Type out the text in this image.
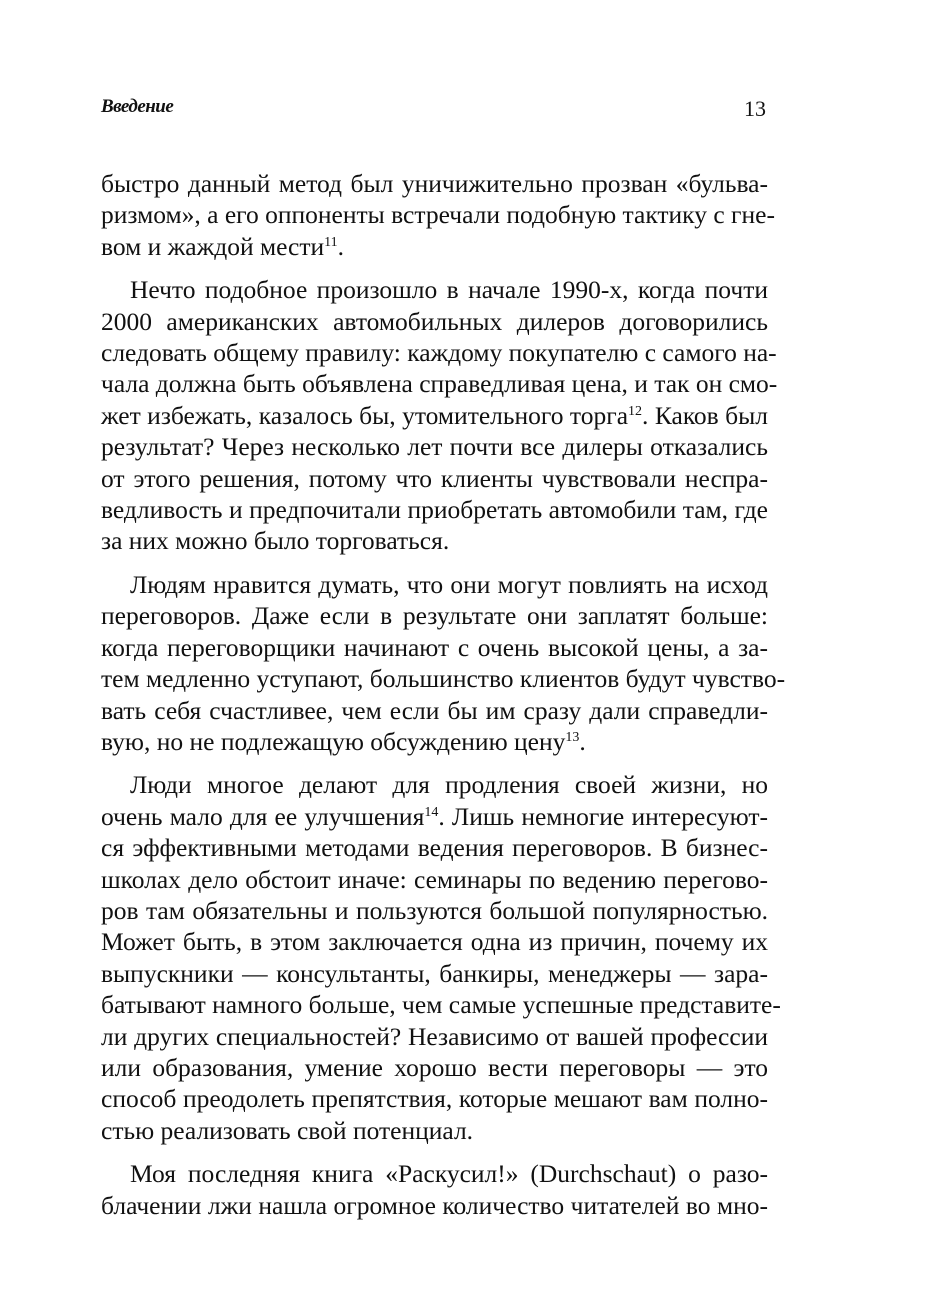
Введение	13
быстро данный метод был уничижительно прозван «бульва-
ризмом», а его оппоненты встречали подобную тактику с гне-
вом и жаждой мести$^{11}$.
Нечто подобное произошло в начале 1990-х, когда почти
2000 американских автомобильных дилеров договорились
следовать общему правилу: каждому покупателю с самого на-
чала должна быть объявлена справедливая цена, и так он смо-
жет избежать, казалось бы, утомительного торга$^{12}$. Каков был
результат? Через несколько лет почти все дилеры отказались
от этого решения, потому что клиенты чувствовали неспра-
ведливость и предпочитали приобретать автомобили там, где
за них можно было торговаться.
Людям нравится думать, что они могут повлиять на исход
переговоров. Даже если в результате они заплатят больше:
когда переговорщики начинают с очень высокой цены, а за-
тем медленно уступают, большинство клиентов будут чувство-
вать себя счастливее, чем если бы им сразу дали справедли-
вую, но не подлежащую обсуждению цену$^{13}$.
Люди многое делают для продления своей жизни, но
очень мало для ее улучшения$^{14}$. Лишь немногие интересуют-
ся эффективными методами ведения переговоров. В бизнес-
школах дело обстоит иначе: семинары по ведению перегово-
ров там обязательны и пользуются большой популярностью.
Может быть, в этом заключается одна из причин, почему их
выпускники — консультанты, банкиры, менеджеры — зара-
батывают намного больше, чем самые успешные представите-
ли других специальностей? Независимо от вашей профессии
или образования, умение хорошо вести переговоры — это
способ преодолеть препятствия, которые мешают вам полно-
стью реализовать свой потенциал.
Моя последняя книга «Раскусил!» (Durchschaut) о разо-
блачении лжи нашла огромное количество читателей во мно-
